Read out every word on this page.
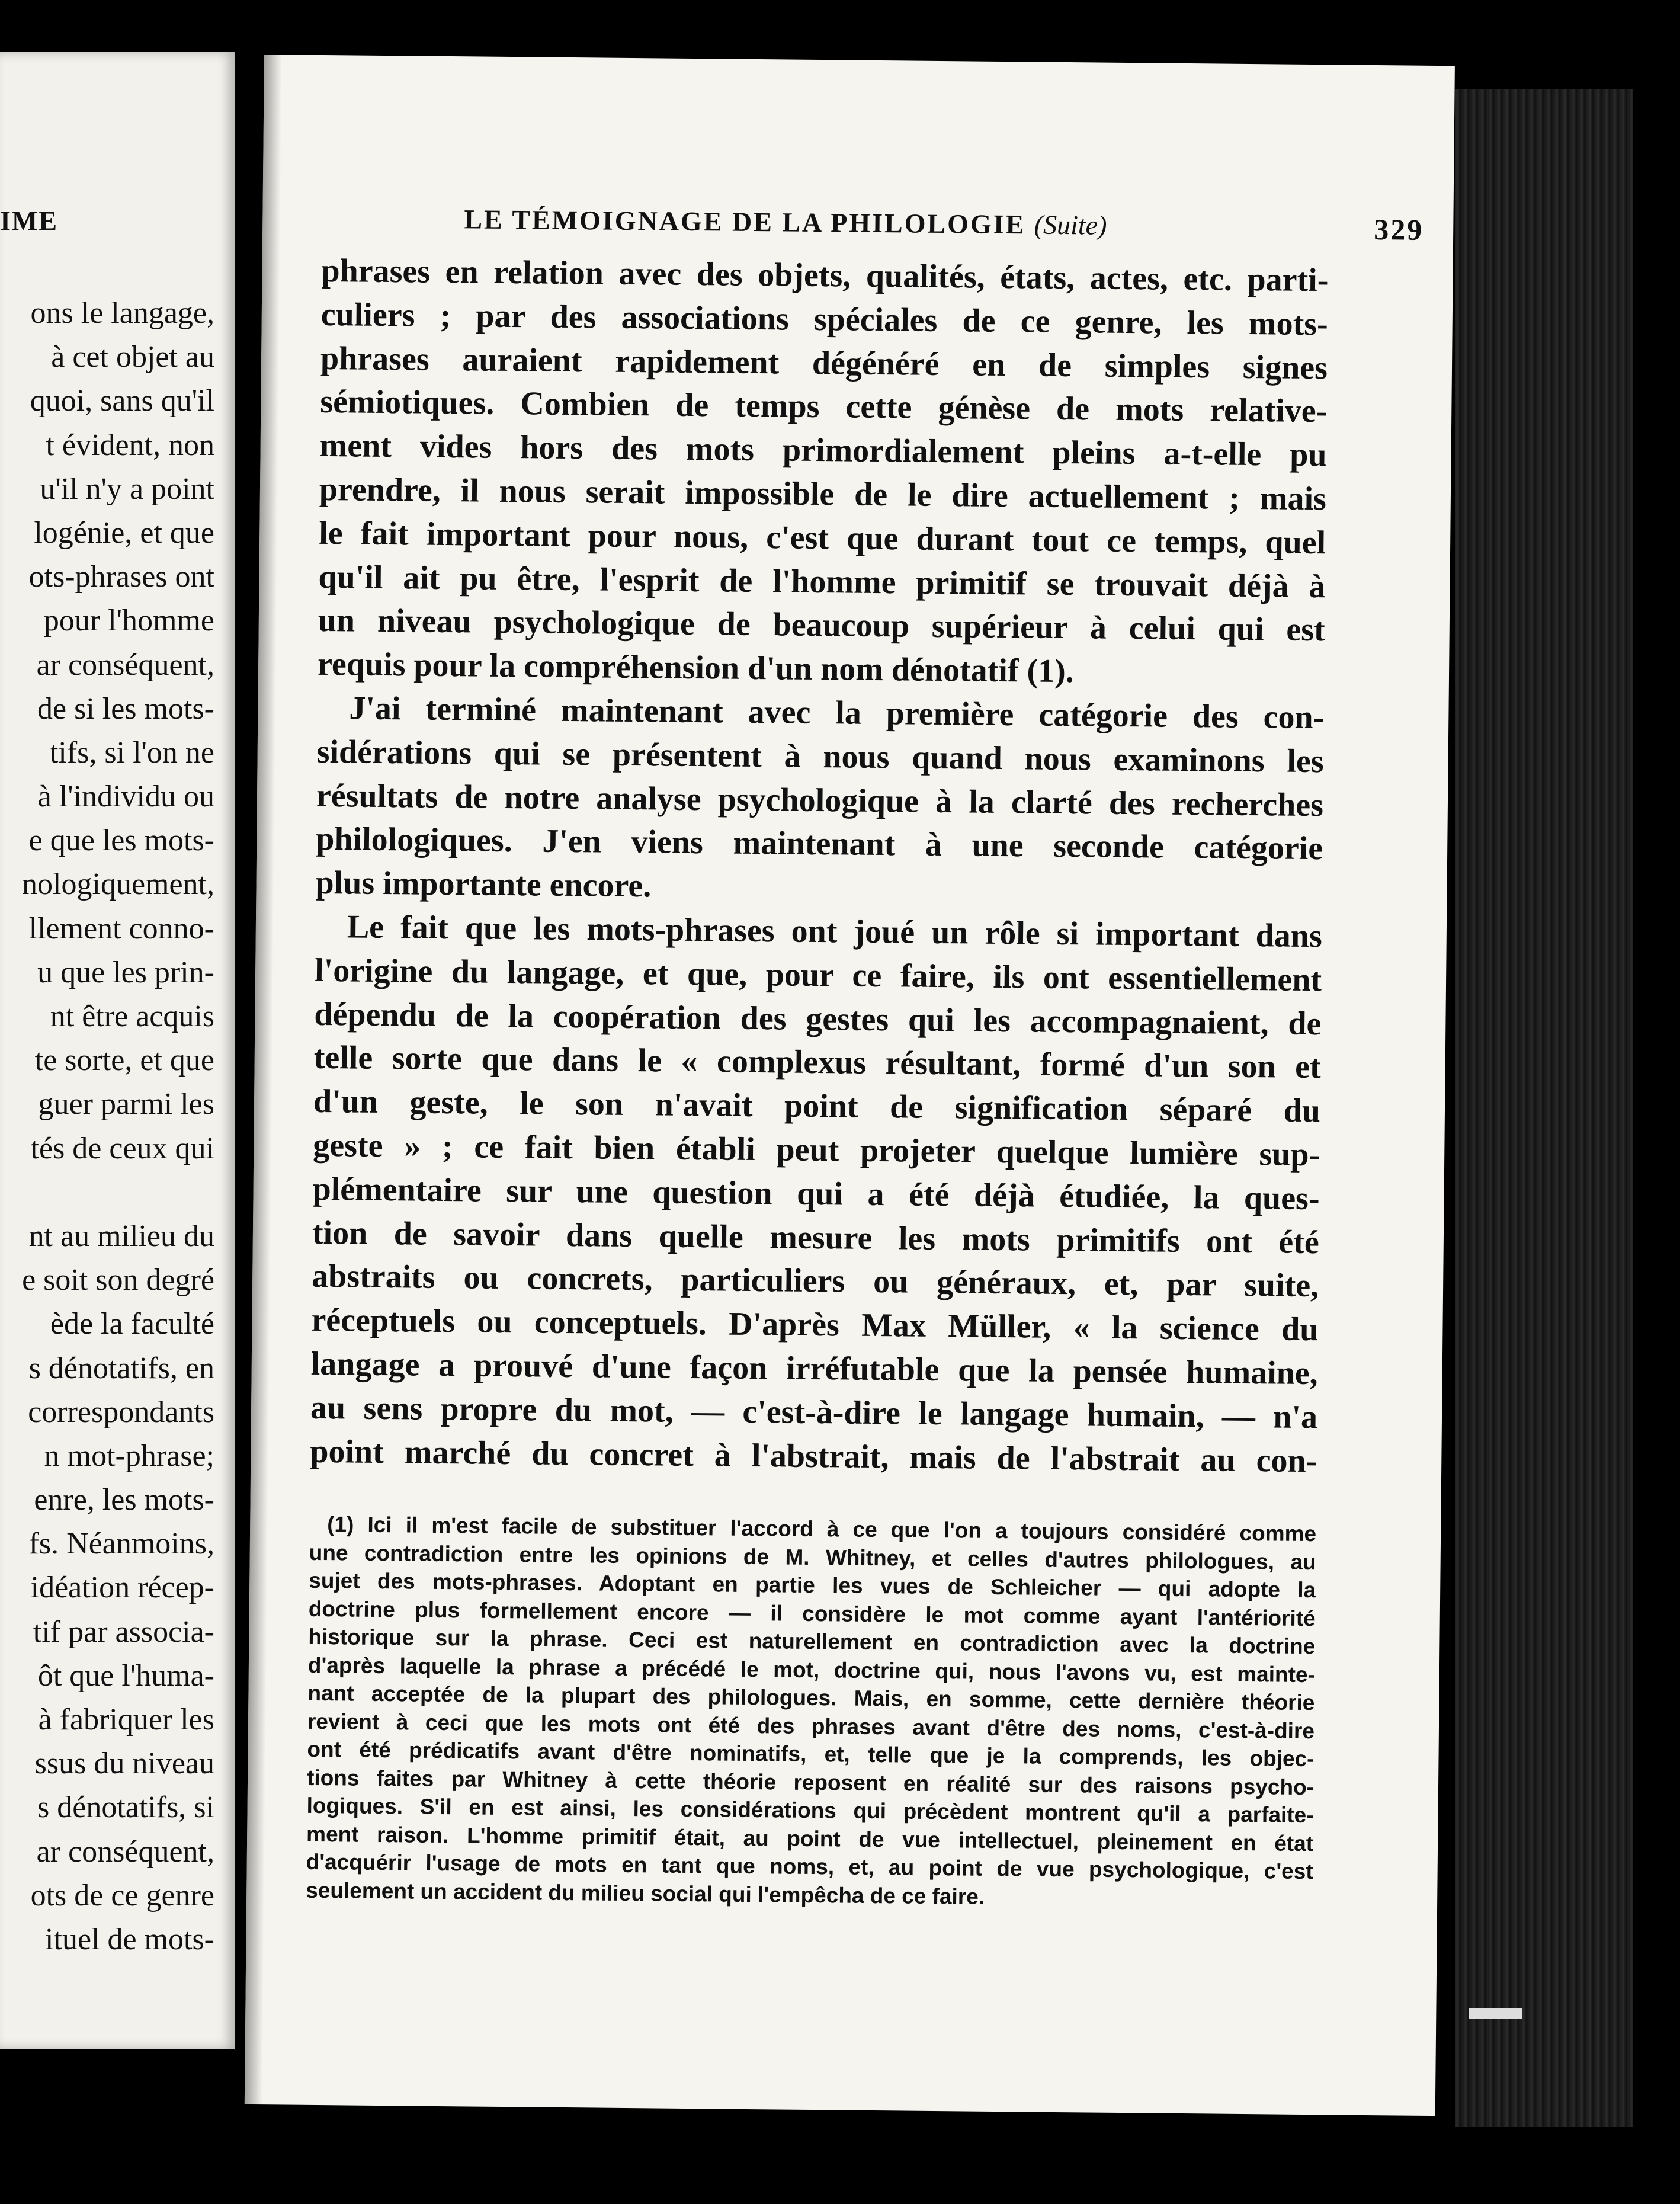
IME
ons le langage,
à cet objet au
quoi, sans qu'il
t évident, non
u'il n'y a point
logénie, et que
ots-phrases ont
pour l'homme
ar conséquent,
de si les mots-
tifs, si l'on ne
à l'individu ou
e que les mots-
nologiquement,
llement conno-
u que les prin-
nt être acquis
te sorte, et que
guer parmi les
tés de ceux qui
nt au milieu du
e soit son degré
ède la faculté
s dénotatifs, en
correspondants
n mot-phrase;
enre, les mots-
fs. Néanmoins,
idéation récep-
tif par associa-
ôt que l'huma-
à fabriquer les
ssus du niveau
s dénotatifs, si
ar conséquent,
ots de ce genre
ituel de mots-
LE TÉMOIGNAGE DE LA PHILOLOGIE (Suite)	329
phrases en relation avec des objets, qualités, états, actes, etc. parti-
culiers ; par des associations spéciales de ce genre, les mots-
phrases auraient rapidement dégénéré en de simples signes
sémiotiques. Combien de temps cette génèse de mots relative-
ment vides hors des mots primordialement pleins a-t-elle pu
prendre, il nous serait impossible de le dire actuellement ; mais
le fait important pour nous, c'est que durant tout ce temps, quel
qu'il ait pu être, l'esprit de l'homme primitif se trouvait déjà à
un niveau psychologique de beaucoup supérieur à celui qui est
requis pour la compréhension d'un nom dénotatif (1).
J'ai terminé maintenant avec la première catégorie des con-
sidérations qui se présentent à nous quand nous examinons les
résultats de notre analyse psychologique à la clarté des recherches
philologiques. J'en viens maintenant à une seconde catégorie
plus importante encore.
Le fait que les mots-phrases ont joué un rôle si important dans
l'origine du langage, et que, pour ce faire, ils ont essentiellement
dépendu de la coopération des gestes qui les accompagnaient, de
telle sorte que dans le « complexus résultant, formé d'un son et
d'un geste, le son n'avait point de signification séparé du
geste » ; ce fait bien établi peut projeter quelque lumière sup-
plémentaire sur une question qui a été déjà étudiée, la ques-
tion de savoir dans quelle mesure les mots primitifs ont été
abstraits ou concrets, particuliers ou généraux, et, par suite,
réceptuels ou conceptuels. D'après Max Müller, « la science du
langage a prouvé d'une façon irréfutable que la pensée humaine,
au sens propre du mot, — c'est-à-dire le langage humain, — n'a
point marché du concret à l'abstrait, mais de l'abstrait au con-
(1) Ici il m'est facile de substituer l'accord à ce que l'on a toujours considéré comme
une contradiction entre les opinions de M. Whitney, et celles d'autres philologues, au
sujet des mots-phrases. Adoptant en partie les vues de Schleicher — qui adopte la
doctrine plus formellement encore — il considère le mot comme ayant l'antériorité
historique sur la phrase. Ceci est naturellement en contradiction avec la doctrine
d'après laquelle la phrase a précédé le mot, doctrine qui, nous l'avons vu, est mainte-
nant acceptée de la plupart des philologues. Mais, en somme, cette dernière théorie
revient à ceci que les mots ont été des phrases avant d'être des noms, c'est-à-dire
ont été prédicatifs avant d'être nominatifs, et, telle que je la comprends, les objec-
tions faites par Whitney à cette théorie reposent en réalité sur des raisons psycho-
logiques. S'il en est ainsi, les considérations qui précèdent montrent qu'il a parfaite-
ment raison. L'homme primitif était, au point de vue intellectuel, pleinement en état
d'acquérir l'usage de mots en tant que noms, et, au point de vue psychologique, c'est
seulement un accident du milieu social qui l'empêcha de ce faire.
